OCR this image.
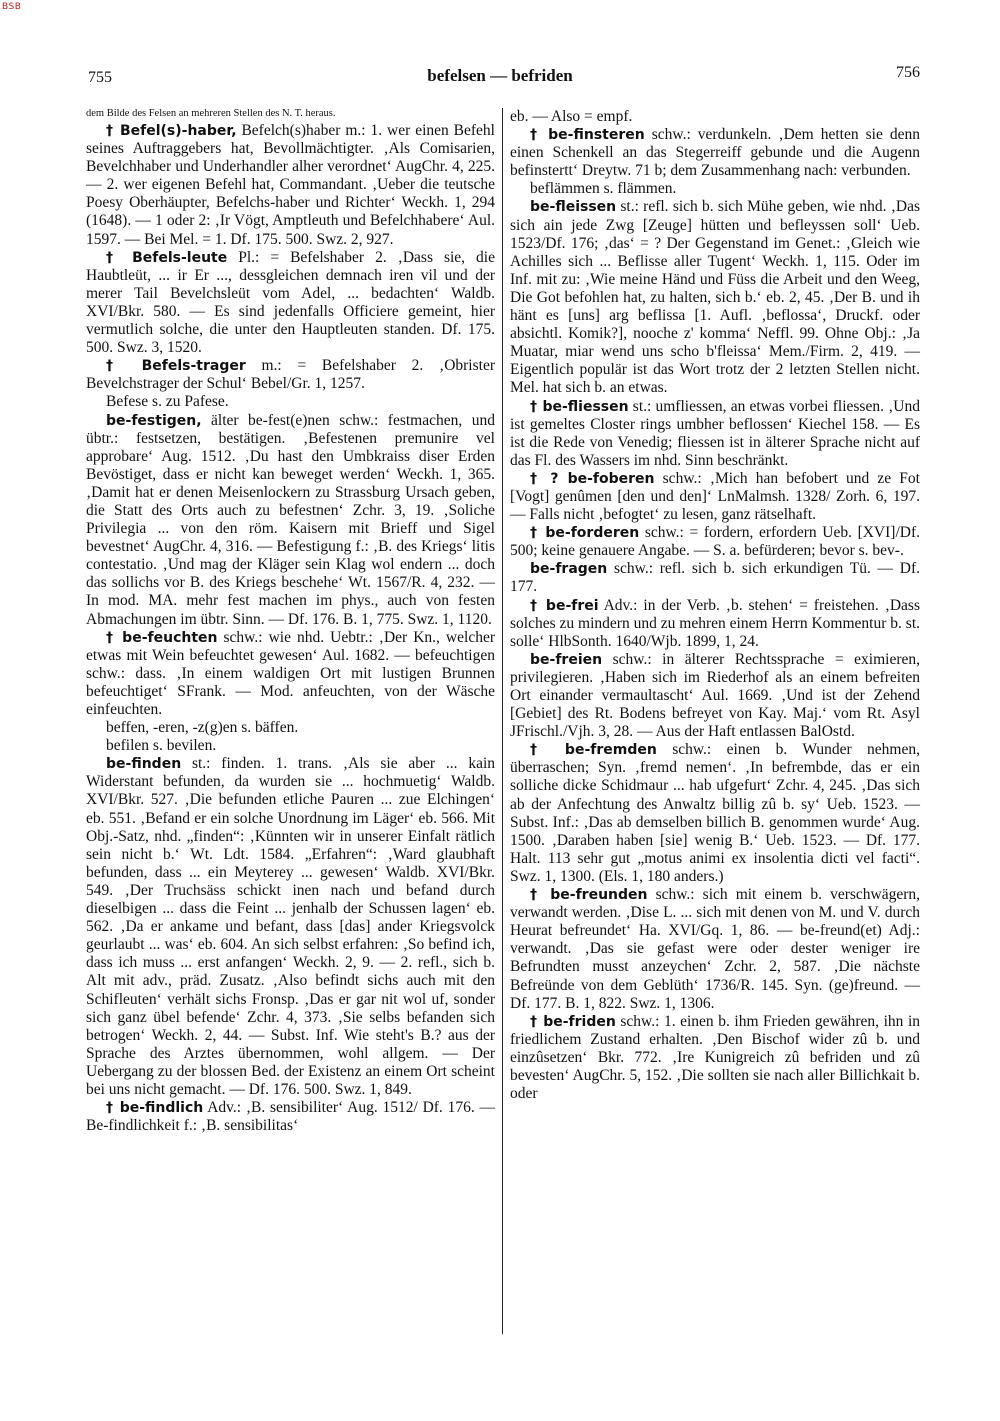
BSB
755	befelsen — befriden	756

dem Bilde des Felsen an mehreren Stellen des N. T. heraus.

† Befel(s)-haber, Befelch(s)haber m.: 1. wer einen Befehl seines Auftraggebers hat, Bevollmächtigter. ‚Als Comisarien, Bevelchhaber und Underhandler alher verordnet‘ AugChr. 4, 225. — 2. wer eigenen Befehl hat, Commandant. ‚Ueber die teutsche Poesy Oberhäupter, Befelchs-haber und Richter‘ Weckh. 1, 294 (1648). — 1 oder 2: ‚Ir Vögt, Amptleuth und Befelchhabere‘ Aul. 1597. — Bei Mel. = 1. Df. 175. 500. Swz. 2, 927.

† Befels-leute Pl.: = Befelshaber 2. ‚Dass sie, die Haubtleüt, ... ir Er ..., dessgleichen demnach iren vil und der merer Tail Bevelchsleüt vom Adel, ... bedachten‘ Waldb. XVI/Bkr. 580. — Es sind jedenfalls Officiere gemeint, hier vermutlich solche, die unter den Hauptleuten standen. Df. 175. 500. Swz. 3, 1520.

† Befels-trager m.: = Befelshaber 2. ‚Obrister Bevelchstrager der Schul‘ Bebel/Gr. 1, 1257.

Befese s. zu Pafese.

be-festigen, älter be-fest(e)nen schw.: festmachen, und übtr.: festsetzen, bestätigen. ‚Befestenen premunire vel approbare‘ Aug. 1512. ‚Du hast den Umbkraiss diser Erden Bevöstiget, dass er nicht kan beweget werden‘ Weckh. 1, 365. ‚Damit hat er denen Meisenlockern zu Strassburg Ursach geben, die Statt des Orts auch zu befestnen‘ Zchr. 3, 19. ‚Soliche Privilegia ... von den röm. Kaisern mit Brieff und Sigel bevestnet‘ AugChr. 4, 316. — Befestigung f.: ‚B. des Kriegs‘ litis contestatio. ‚Und mag der Kläger sein Klag wol endern ... doch das sollichs vor B. des Kriegs beschehe‘ Wt. 1567/R. 4, 232. — In mod. MA. mehr fest machen im phys., auch von festen Abmachungen im übtr. Sinn. — Df. 176. B. 1, 775. Swz. 1, 1120.

† be-feuchten schw.: wie nhd. Uebtr.: ‚Der Kn., welcher etwas mit Wein befeuchtet gewesen‘ Aul. 1682. — befeuchtigen schw.: dass. ‚In einem waldigen Ort mit lustigen Brunnen befeuchtiget‘ SFrank. — Mod. anfeuchten, von der Wäsche einfeuchten.

beffen, -eren, -z(g)en s. bäffen.

befilen s. bevilen.

be-finden st.: finden. 1. trans. ‚Als sie aber ... kain Widerstant befunden, da wurden sie ... hochmuetig‘ Waldb. XVI/Bkr. 527. ‚Die befunden etliche Pauren ... zue Elchingen‘ eb. 551. ‚Befand er ein solche Unordnung im Läger‘ eb. 566. Mit Obj.-Satz, nhd. „finden“: ‚Künnten wir in unserer Einfalt rätlich sein nicht b.‘ Wt. Ldt. 1584. „Erfahren“: ‚Ward glaubhaft befunden, dass ... ein Meyterey ... gewesen‘ Waldb. XVI/Bkr. 549. ‚Der Truchsäss schickt inen nach und befand durch dieselbigen ... dass die Feint ... jenhalb der Schussen lagen‘ eb. 562. ‚Da er ankame und befant, dass [das] ander Kriegsvolck geurlaubt ... was‘ eb. 604. An sich selbst erfahren: ‚So befind ich, dass ich muss ... erst anfangen‘ Weckh. 2, 9. — 2. refl., sich b. Alt mit adv., präd. Zusatz. ‚Also befindt sichs auch mit den Schifleuten‘ verhält sichs Fronsp. ‚Das er gar nit wol uf, sonder sich ganz übel befende‘ Zchr. 4, 373. ‚Sie selbs befanden sich betrogen‘ Weckh. 2, 44. — Subst. Inf. Wie steht's B.? aus der Sprache des Arztes übernommen, wohl allgem. — Der Uebergang zu der blossen Bed. der Existenz an einem Ort scheint bei uns nicht gemacht. — Df. 176. 500. Swz. 1, 849.

† be-findlich Adv.: ‚B. sensibiliter‘ Aug. 1512/ Df. 176. — Be-findlichkeit f.: ‚B. sensibilitas‘

eb. — Also = empf.

† be-finsteren schw.: verdunkeln. ‚Dem hetten sie denn einen Schenkell an das Stegerreiff gebunde und die Augenn befinstertt‘ Dreytw. 71 b; dem Zusammenhang nach: verbunden.

beflämmen s. flämmen.

be-fleissen st.: refl. sich b. sich Mühe geben, wie nhd. ‚Das sich ain jede Zwg [Zeuge] hütten und befleyssen soll‘ Ueb. 1523/Df. 176; ‚das‘ = ? Der Gegenstand im Genet.: ‚Gleich wie Achilles sich ... Beflisse aller Tugent‘ Weckh. 1, 115. Oder im Inf. mit zu: ‚Wie meine Händ und Füss die Arbeit und den Weeg, Die Got befohlen hat, zu halten, sich b.‘ eb. 2, 45. ‚Der B. und ih hänt es [uns] arg beflissa [1. Aufl. ‚beflossa‘, Druckf. oder absichtl. Komik?], nooche z' komma‘ Neffl. 99. Ohne Obj.: ‚Ja Muatar, miar wend uns scho b'fleissa‘ Mem./Firm. 2, 419. — Eigentlich populär ist das Wort trotz der 2 letzten Stellen nicht. Mel. hat sich b. an etwas.

† be-fliessen st.: umfliessen, an etwas vorbei fliessen. ‚Und ist gemeltes Closter rings umbher beflossen‘ Kiechel 158. — Es ist die Rede von Venedig; fliessen ist in älterer Sprache nicht auf das Fl. des Wassers im nhd. Sinn beschränkt.

† ? be-foberen schw.: ‚Mich han befobert und ze Fot [Vogt] genûmen [den und den]‘ LnMalmsh. 1328/ Zorh. 6, 197. — Falls nicht ‚befogtet‘ zu lesen, ganz rätselhaft.

† be-forderen schw.: = fordern, erfordern Ueb. [XVI]/Df. 500; keine genauere Angabe. — S. a. befürderen; bevor s. bev-.

be-fragen schw.: refl. sich b. sich erkundigen Tü. — Df. 177.

† be-frei Adv.: in der Verb. ‚b. stehen‘ = freistehen. ‚Dass solches zu mindern und zu mehren einem Herrn Kommentur b. st. solle‘ HlbSonth. 1640/Wjb. 1899, 1, 24.

be-freien schw.: in älterer Rechtssprache = eximieren, privilegieren. ‚Haben sich im Riederhof als an einem befreiten Ort einander vermaultascht‘ Aul. 1669. ‚Und ist der Zehend [Gebiet] des Rt. Bodens befreyet von Kay. Maj.‘ vom Rt. Asyl JFrischl./Vjh. 3, 28. — Aus der Haft entlassen BalOstd.

† be-fremden schw.: einen b. Wunder nehmen, überraschen; Syn. ‚fremd nemen‘. ‚In befrembde, das er ein solliche dicke Schidmaur ... hab ufgefurt‘ Zchr. 4, 245. ‚Das sich ab der Anfechtung des Anwaltz billig zû b. sy‘ Ueb. 1523. — Subst. Inf.: ‚Das ab demselben billich B. genommen wurde‘ Aug. 1500. ‚Daraben haben [sie] wenig B.‘ Ueb. 1523. — Df. 177. Halt. 113 sehr gut „motus animi ex insolentia dicti vel facti“. Swz. 1, 1300. (Els. 1, 180 anders.)

† be-freunden schw.: sich mit einem b. verschwägern, verwandt werden. ‚Dise L. ... sich mit denen von M. und V. durch Heurat befreundet‘ Ha. XVI/Gq. 1, 86. — be-freund(et) Adj.: verwandt. ‚Das sie gefast were oder dester weniger ire Befrundten musst anzeychen‘ Zchr. 2, 587. ‚Die nächste Befreünde von dem Geblüth‘ 1736/R. 145. Syn. (ge)freund. — Df. 177. B. 1, 822. Swz. 1, 1306.

† be-friden schw.: 1. einen b. ihm Frieden gewähren, ihn in friedlichem Zustand erhalten. ‚Den Bischof wider zû b. und einzûsetzen‘ Bkr. 772. ‚Ire Kunigreich zû befriden und zû bevesten‘ AugChr. 5, 152. ‚Die sollten sie nach aller Billichkait b. oder
